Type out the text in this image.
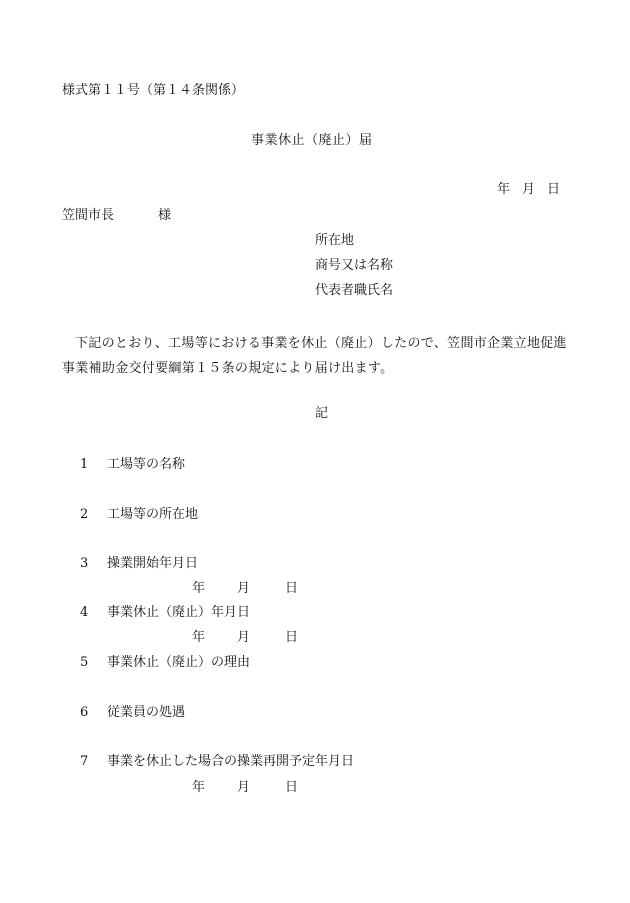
様式第１１号（第１４条関係）
事業休止（廃止）届
年 月 日
笠間市長	様
所在地
商号又は名称
代表者職氏名
下記のとおり、工場等における事業を休止（廃止）したので、笠間市企業立地促進事業補助金交付要綱第１５条の規定により届け出ます。
記
1 工場等の名称
2 工場等の所在地
3 操業開始年月日
年 月	日
4 事業休止（廃止）年月日
年 月	日
5 事業休止（廃止）の理由
6 従業員の処遇
7 事業を休止した場合の操業再開予定年月日
年 月	日
